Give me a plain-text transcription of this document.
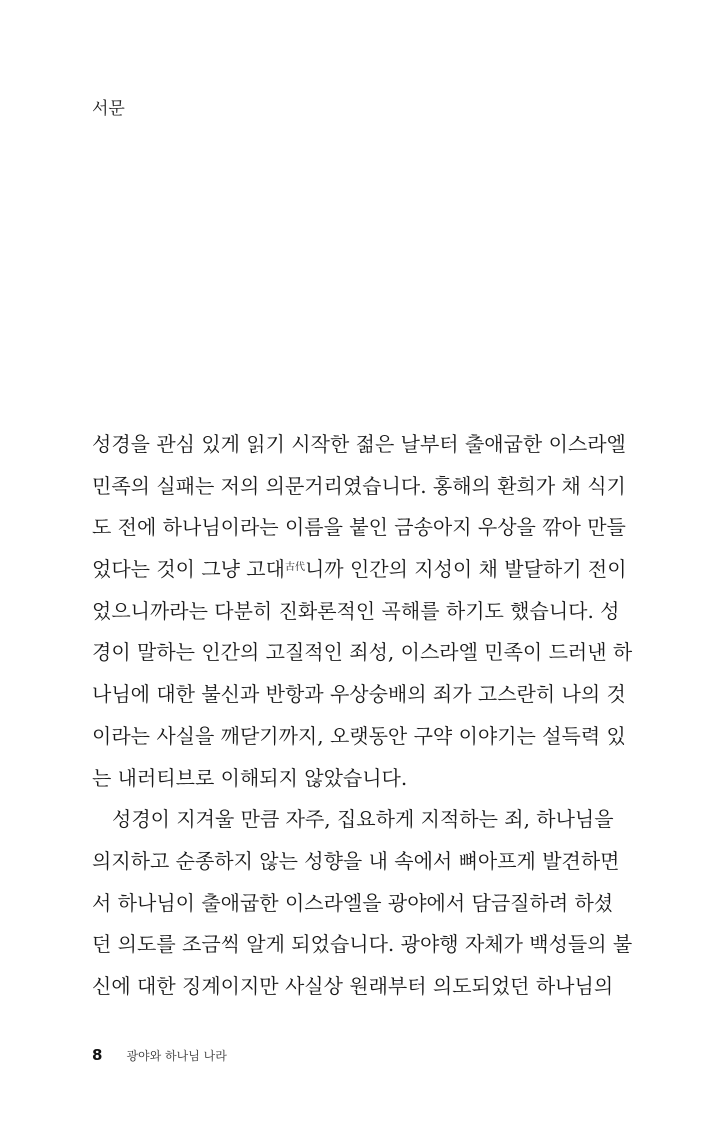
서문
성경을 관심 있게 읽기 시작한 젊은 날부터 출애굽한 이스라엘
민족의 실패는 저의 의문거리였습니다. 홍해의 환희가 채 식기
도 전에 하나님이라는 이름을 붙인 금송아지 우상을 깎아 만들
었다는 것이 그냥 고대$^{古代}$니까 인간의 지성이 채 발달하기 전이
었으니까라는 다분히 진화론적인 곡해를 하기도 했습니다. 성
경이 말하는 인간의 고질적인 죄성, 이스라엘 민족이 드러낸 하
나님에 대한 불신과 반항과 우상숭배의 죄가 고스란히 나의 것
이라는 사실을 깨닫기까지, 오랫동안 구약 이야기는 설득력 있
는 내러티브로 이해되지 않았습니다.
성경이 지겨울 만큼 자주, 집요하게 지적하는 죄, 하나님을
의지하고 순종하지 않는 성향을 내 속에서 뼈아프게 발견하면
서 하나님이 출애굽한 이스라엘을 광야에서 담금질하려 하셨
던 의도를 조금씩 알게 되었습니다. 광야행 자체가 백성들의 불
신에 대한 징계이지만 사실상 원래부터 의도되었던 하나님의
8 광야와 하나님 나라
